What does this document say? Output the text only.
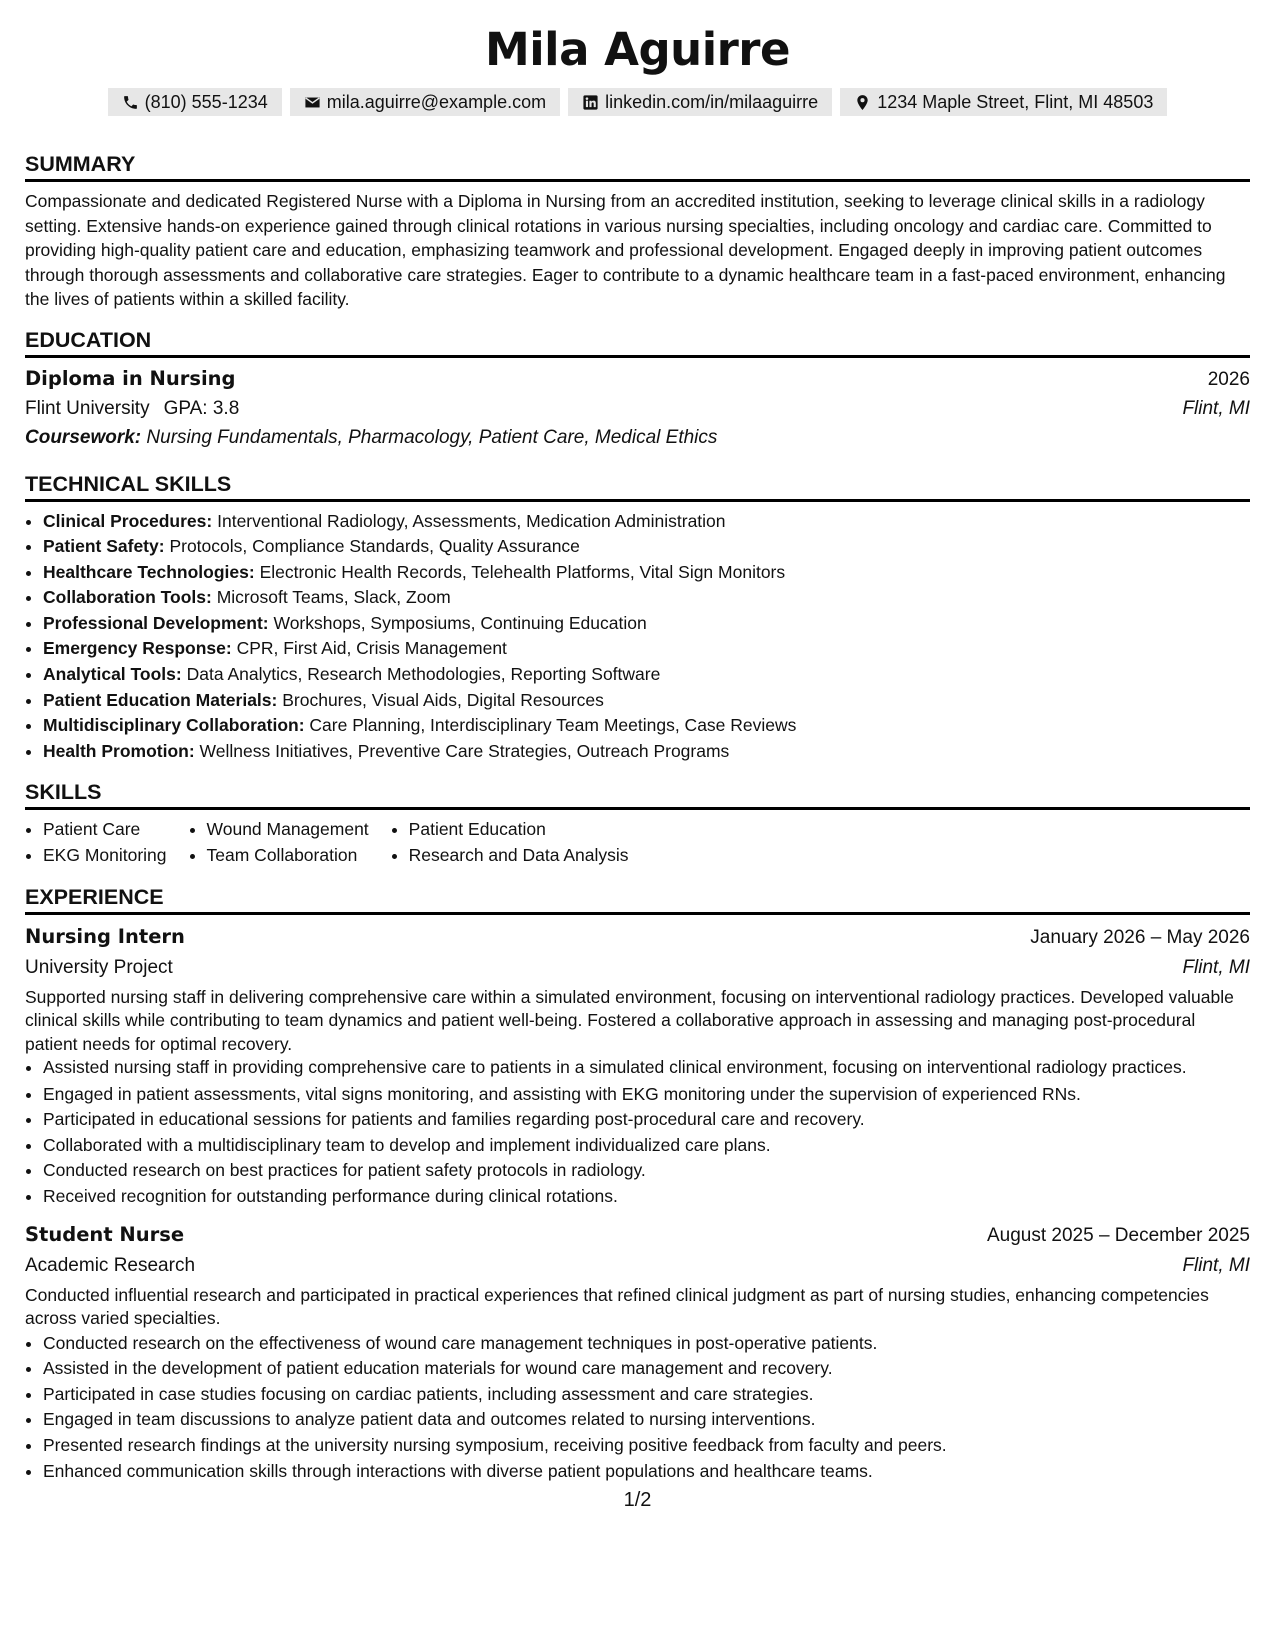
Mila Aguirre
(810) 555-1234	mila.aguirre@example.com	linkedin.com/in/milaaguirre	1234 Maple Street, Flint, MI 48503
SUMMARY

Compassionate and dedicated Registered Nurse with a Diploma in Nursing from an accredited institution, seeking to leverage clinical skills in a radiology setting. Extensive hands-on experience gained through clinical rotations in various nursing specialties, including oncology and cardiac care. Committed to providing high-quality patient care and education, emphasizing teamwork and professional development. Engaged deeply in improving patient outcomes through thorough assessments and collaborative care strategies. Eager to contribute to a dynamic healthcare team in a fast-paced environment, enhancing the lives of patients within a skilled facility.

EDUCATION
Diploma in Nursing	2026
Flint University GPA: 3.8	Flint, MI
Coursework: Nursing Fundamentals, Pharmacology, Patient Care, Medical Ethics
TECHNICAL SKILLS
• Clinical Procedures: Interventional Radiology, Assessments, Medication Administration
• Patient Safety: Protocols, Compliance Standards, Quality Assurance
• Healthcare Technologies: Electronic Health Records, Telehealth Platforms, Vital Sign Monitors
• Collaboration Tools: Microsoft Teams, Slack, Zoom
• Professional Development: Workshops, Symposiums, Continuing Education
• Emergency Response: CPR, First Aid, Crisis Management
• Analytical Tools: Data Analytics, Research Methodologies, Reporting Software
• Patient Education Materials: Brochures, Visual Aids, Digital Resources
• Multidisciplinary Collaboration: Care Planning, Interdisciplinary Team Meetings, Case Reviews
• Health Promotion: Wellness Initiatives, Preventive Care Strategies, Outreach Programs
SKILLS
• Patient Care
• EKG Monitoring
• Wound Management
• Team Collaboration
• Patient Education
• Research and Data Analysis
EXPERIENCE
Nursing Intern	January 2026 – May 2026
University Project	Flint, MI

Supported nursing staff in delivering comprehensive care within a simulated environment, focusing on interventional radiology practices. Developed valuable clinical skills while contributing to team dynamics and patient well-being. Fostered a collaborative approach in assessing and managing post-procedural patient needs for optimal recovery.

• Assisted nursing staff in providing comprehensive care to patients in a simulated clinical environment, focusing on interventional radiology practices.
• Engaged in patient assessments, vital signs monitoring, and assisting with EKG monitoring under the supervision of experienced RNs.
• Participated in educational sessions for patients and families regarding post-procedural care and recovery.
• Collaborated with a multidisciplinary team to develop and implement individualized care plans.
• Conducted research on best practices for patient safety protocols in radiology.
• Received recognition for outstanding performance during clinical rotations.
Student Nurse	August 2025 – December 2025
Academic Research	Flint, MI

Conducted influential research and participated in practical experiences that refined clinical judgment as part of nursing studies, enhancing competencies across varied specialties.

• Conducted research on the effectiveness of wound care management techniques in post-operative patients.
• Assisted in the development of patient education materials for wound care management and recovery.
• Participated in case studies focusing on cardiac patients, including assessment and care strategies.
• Engaged in team discussions to analyze patient data and outcomes related to nursing interventions.
• Presented research findings at the university nursing symposium, receiving positive feedback from faculty and peers.
• Enhanced communication skills through interactions with diverse patient populations and healthcare teams.
1/2
